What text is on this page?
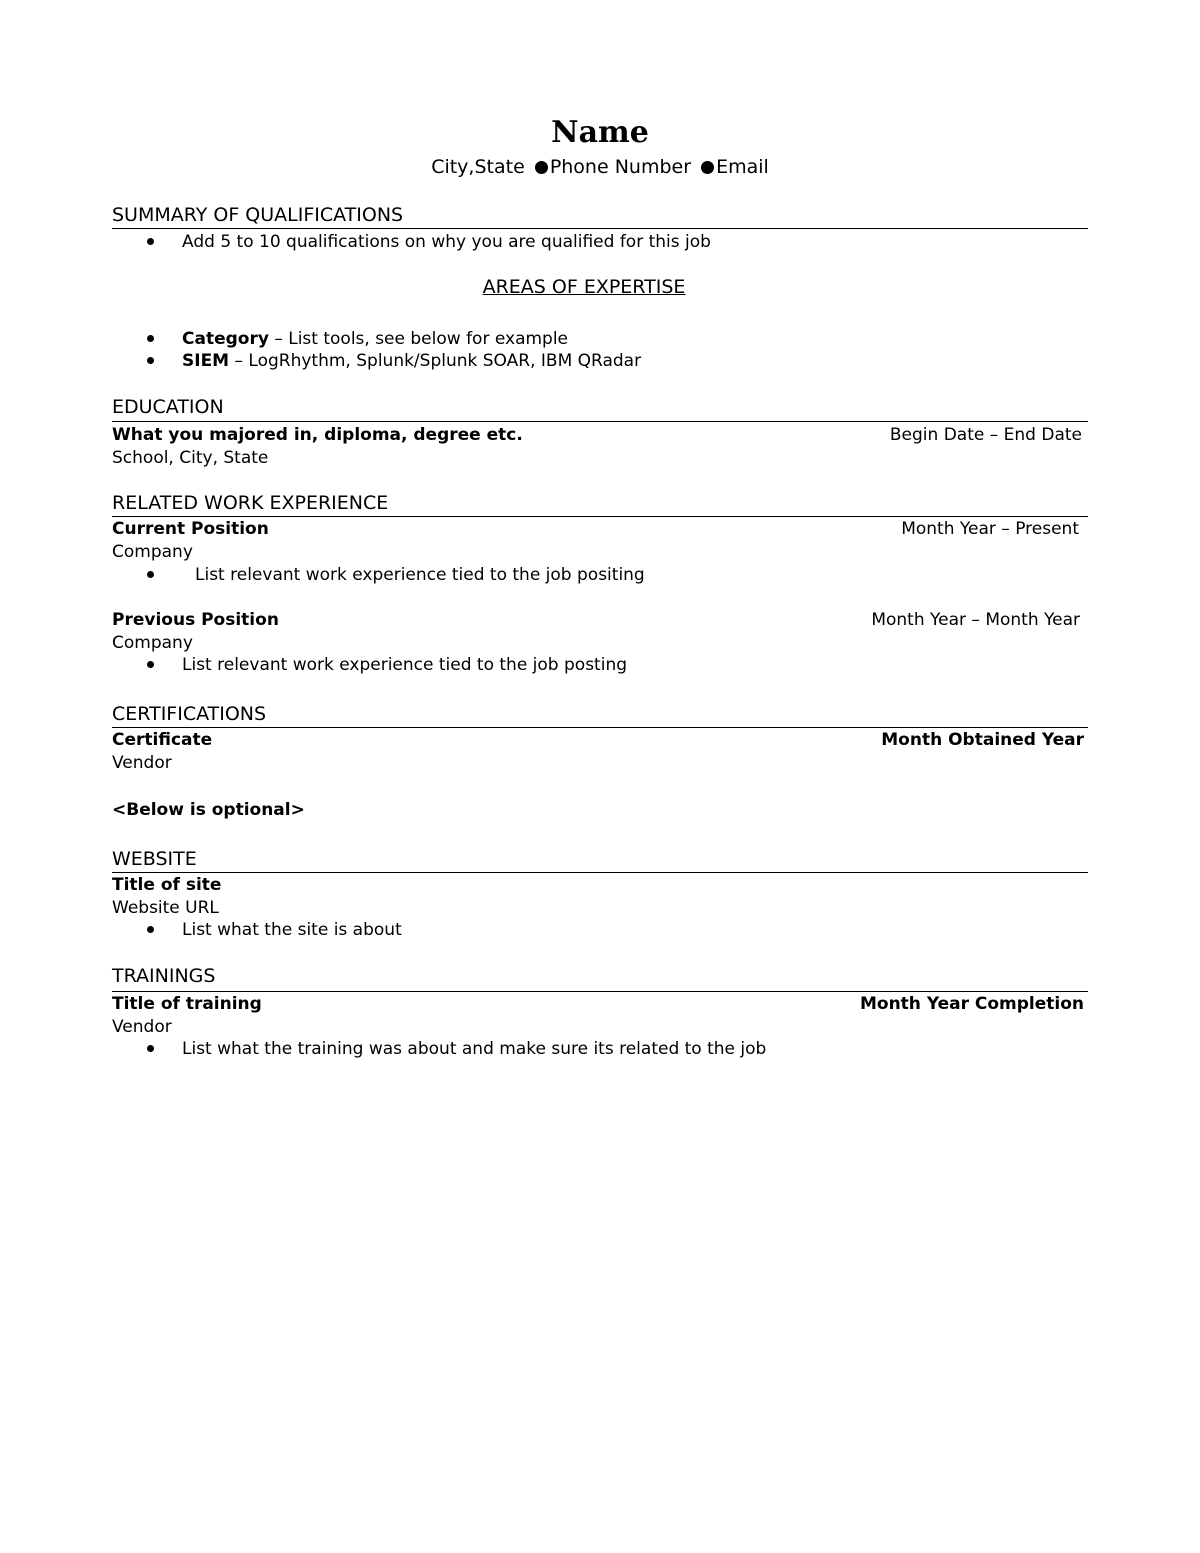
Name
City,State Phone Number Email
SUMMARY OF QUALIFICATIONS
Add 5 to 10 qualifications on why you are qualified for this job
AREAS OF EXPERTISE
Category – List tools, see below for example
SIEM – LogRhythm, Splunk/Splunk SOAR, IBM QRadar
EDUCATION
What you majored in, diploma, degree etc.	Begin Date – End Date
School, City, State
RELATED WORK EXPERIENCE
Current Position	Month Year – Present
Company
List relevant work experience tied to the job positing
Previous Position	Month Year – Month Year
Company
List relevant work experience tied to the job posting
CERTIFICATIONS
Certificate	Month Obtained Year
Vendor
<Below is optional>
WEBSITE
Title of site
Website URL
List what the site is about
TRAININGS
Title of training	Month Year Completion
Vendor
List what the training was about and make sure its related to the job
